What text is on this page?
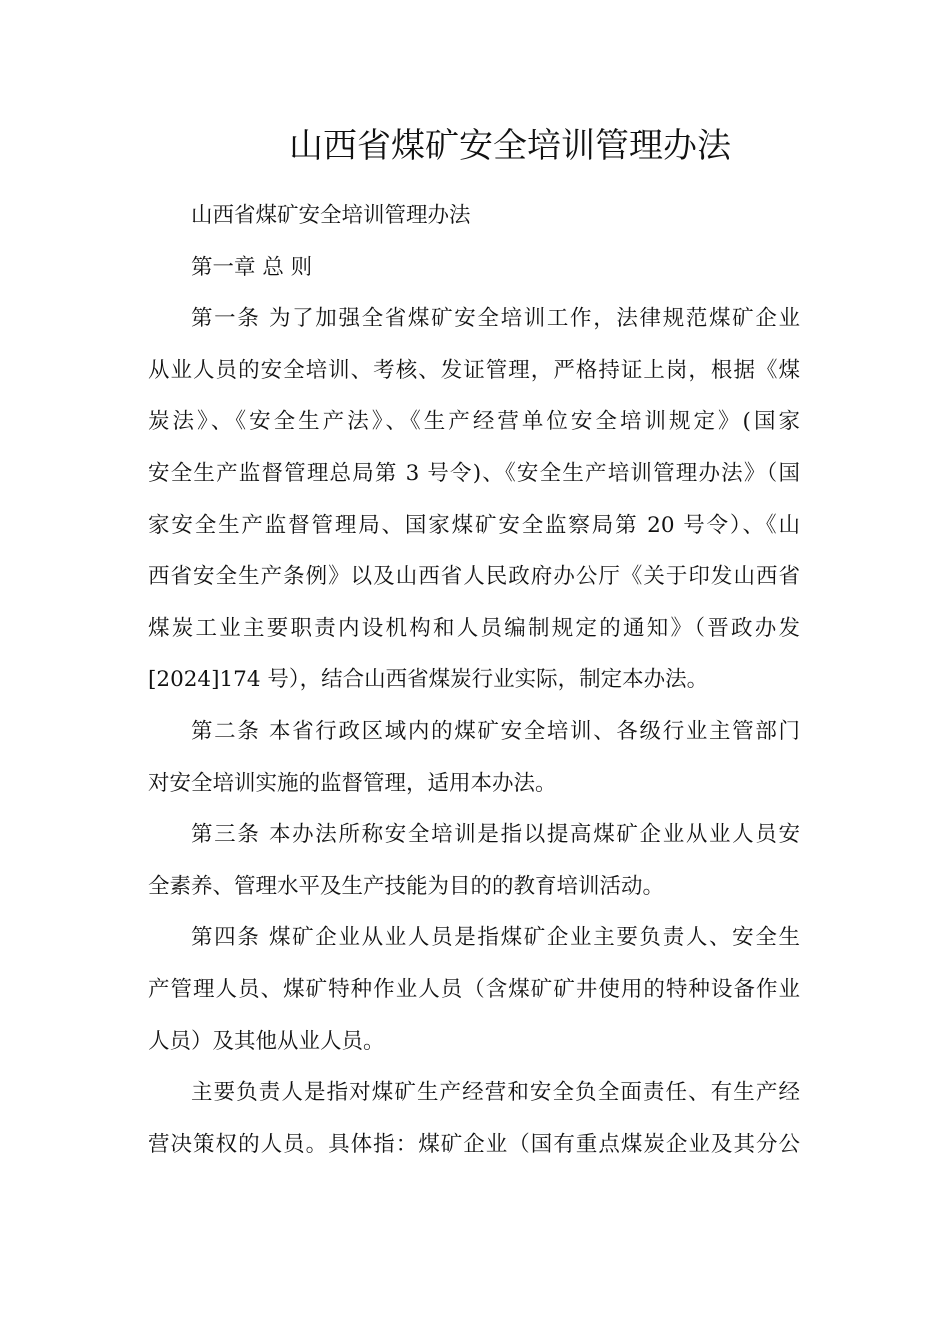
山西省煤矿安全培训管理办法

山西省煤矿安全培训管理办法

第一章 总 则

第一条 为了加强全省煤矿安全培训工作，法律规范煤矿企业
从业人员的安全培训、考核、发证管理，严格持证上岗，根据《煤
炭法》、《安全生产法》、《生产经营单位安全培训规定》(国家
安全生产监督管理总局第 3 号令)、《安全生产培训管理办法》（国
家安全生产监督管理局、国家煤矿安全监察局第 20 号令）、《山
西省安全生产条例》以及山西省人民政府办公厅《关于印发山西省
煤炭工业主要职责内设机构和人员编制规定的通知》（晋政办发
[2024]174 号），结合山西省煤炭行业实际，制定本办法。

第二条 本省行政区域内的煤矿安全培训、各级行业主管部门
对安全培训实施的监督管理，适用本办法。

第三条 本办法所称安全培训是指以提高煤矿企业从业人员安
全素养、管理水平及生产技能为目的的教育培训活动。

第四条 煤矿企业从业人员是指煤矿企业主要负责人、安全生
产管理人员、煤矿特种作业人员（含煤矿矿井使用的特种设备作业
人员）及其他从业人员。

主要负责人是指对煤矿生产经营和安全负全面责任、有生产经
营决策权的人员。具体指：煤矿企业（国有重点煤炭企业及其分公
